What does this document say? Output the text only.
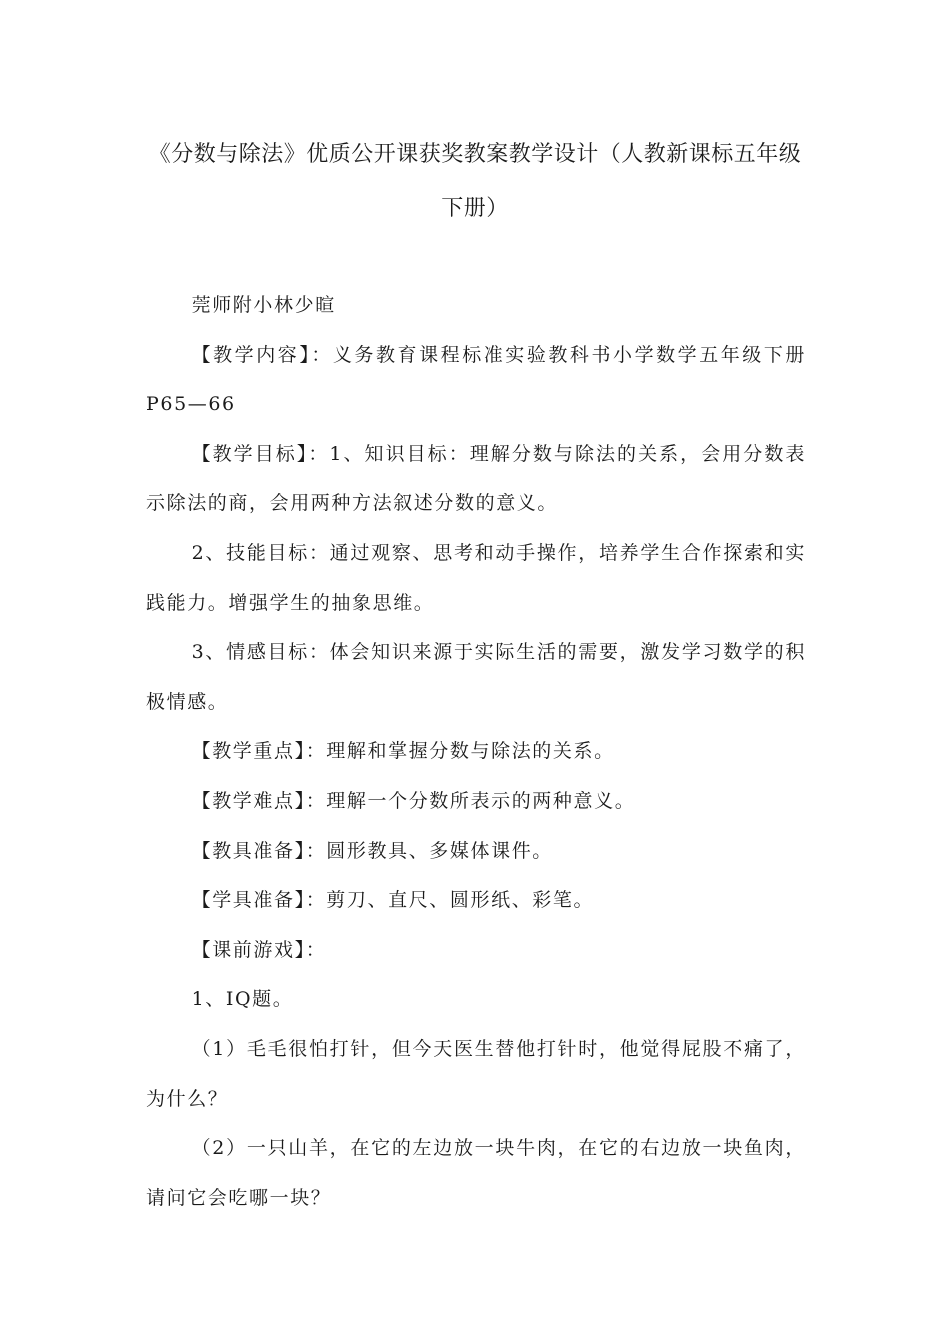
《分数与除法》优质公开课获奖教案教学设计（人教新课标五年级下册）

莞师附小林少暄

【教学内容】：义务教育课程标准实验教科书小学数学五年级下册P65—66

【教学目标】：1、知识目标：理解分数与除法的关系，会用分数表示除法的商，会用两种方法叙述分数的意义。

2、技能目标：通过观察、思考和动手操作，培养学生合作探索和实践能力。增强学生的抽象思维。

3、情感目标：体会知识来源于实际生活的需要，激发学习数学的积极情感。

【教学重点】：理解和掌握分数与除法的关系。

【教学难点】：理解一个分数所表示的两种意义。

【教具准备】：圆形教具、多媒体课件。

【学具准备】：剪刀、直尺、圆形纸、彩笔。

【课前游戏】：

1、IQ题。

（1）毛毛很怕打针，但今天医生替他打针时，他觉得屁股不痛了，为什么？

（2）一只山羊，在它的左边放一块牛肉，在它的右边放一块鱼肉，请问它会吃哪一块？
